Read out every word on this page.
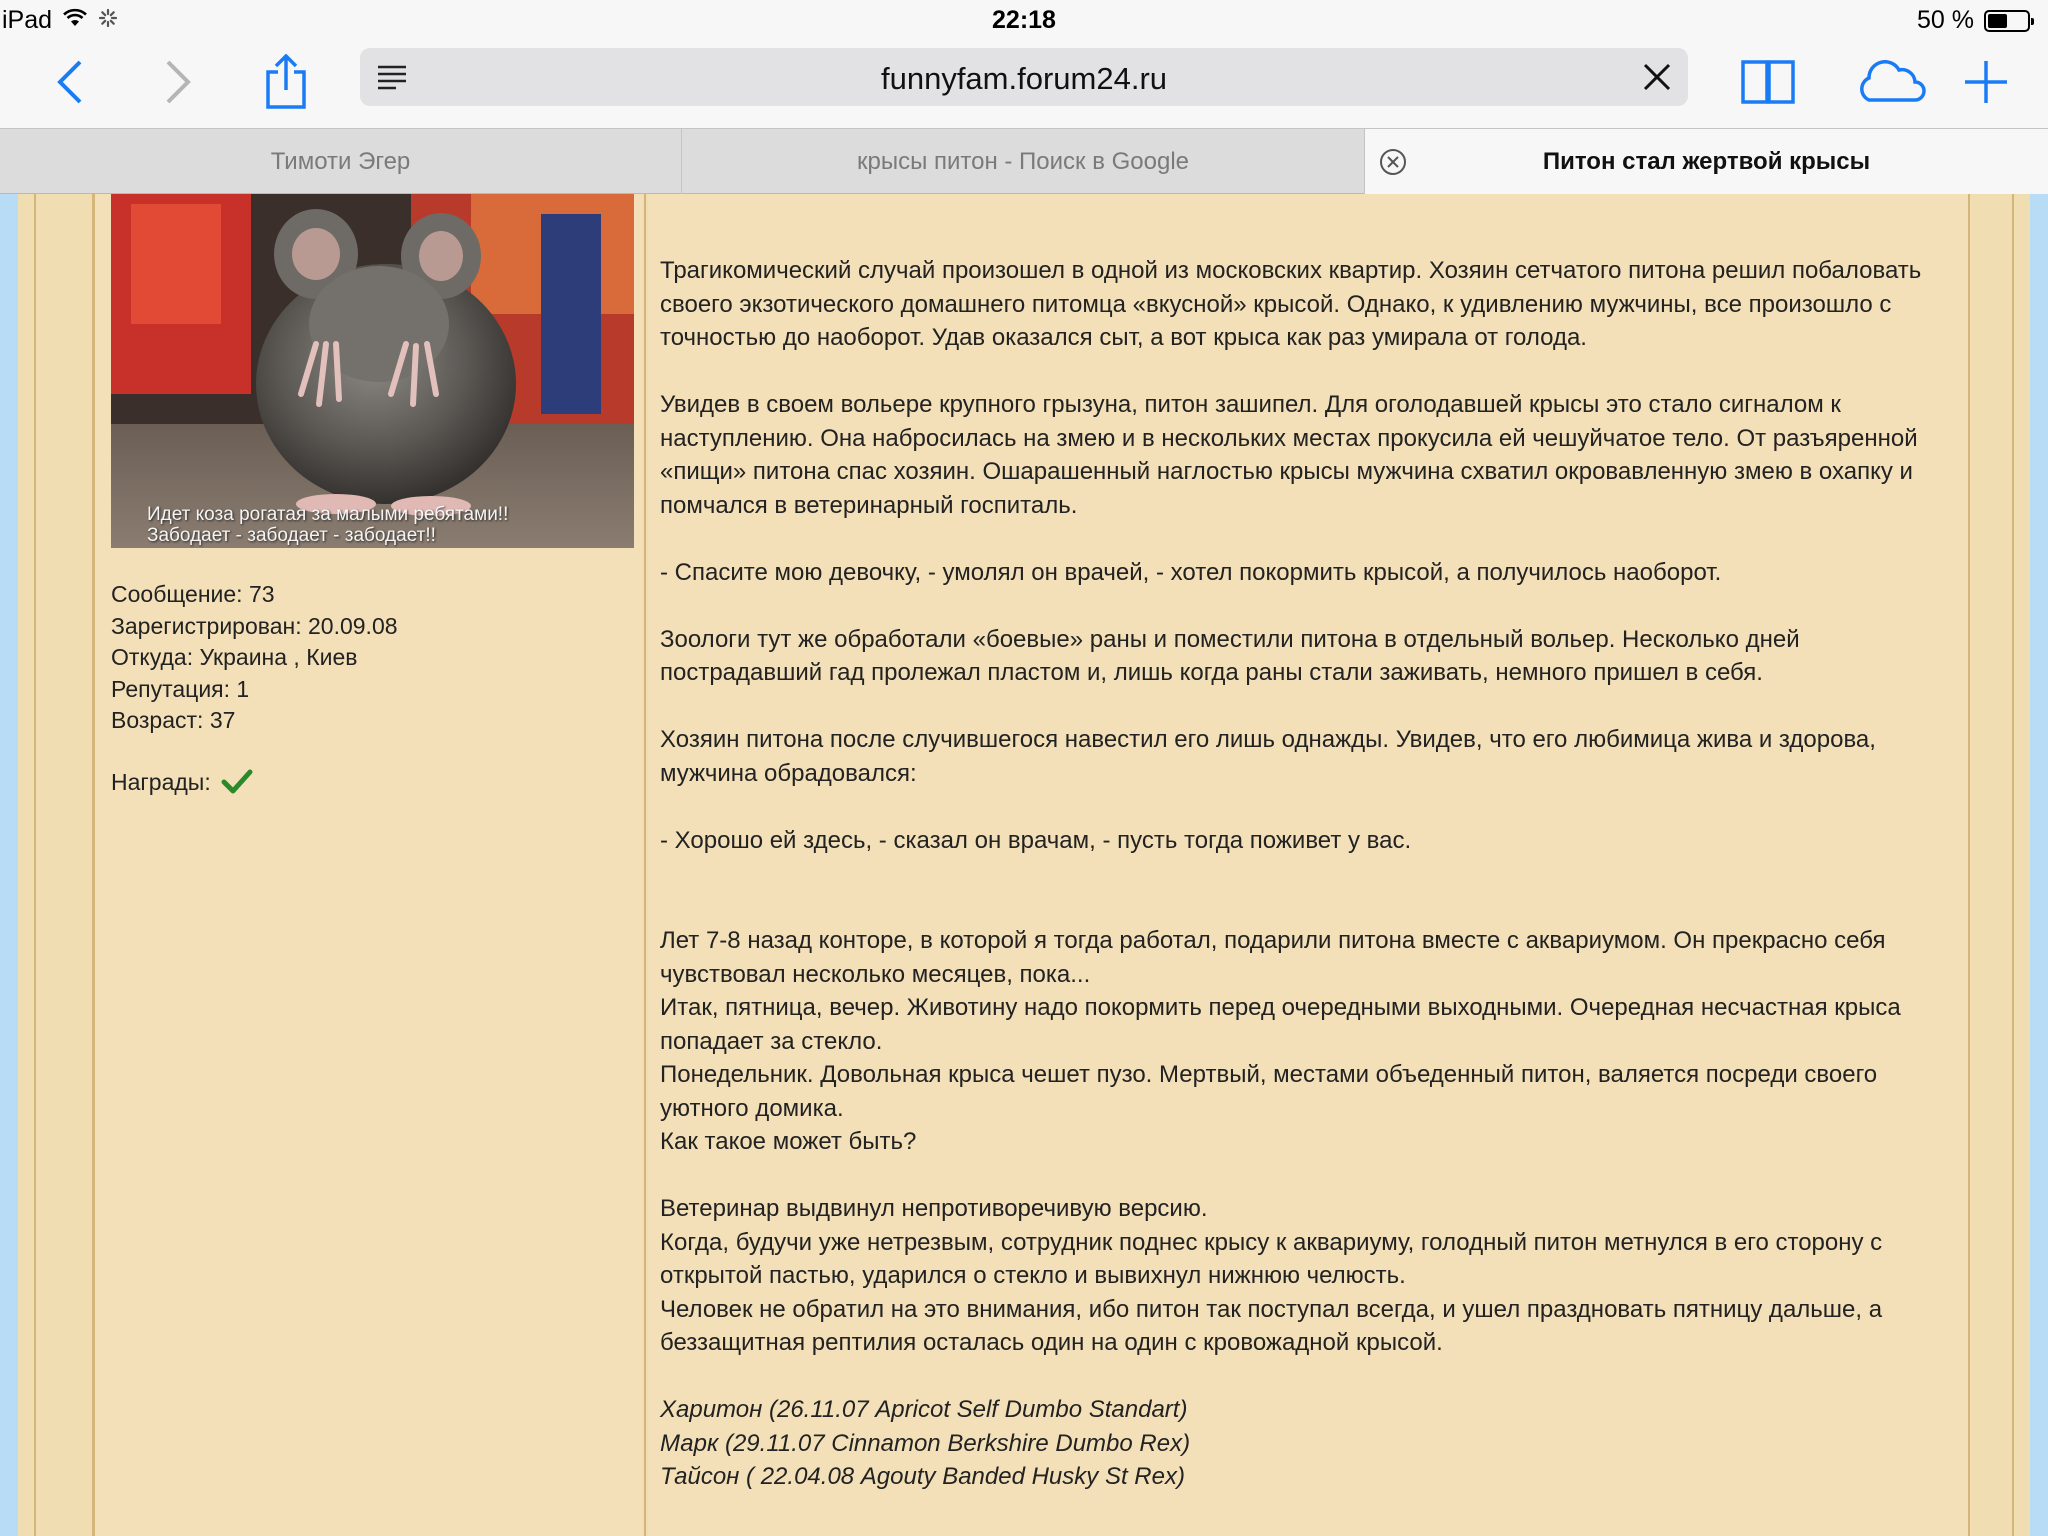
iPad	22:18	50 %
funnyfam.forum24.ru
Тимоти Эгер	крысы питон - Поиск в Google	Питон стал жертвой крысы
Идет коза рогатая за малыми ребятами!!
Забодает - забодает - забодает!!
Сообщение: 73
Зарегистрирован: 20.09.08
Откуда: Украина , Киев
Репутация: 1
Возраст: 37
Награды:

Трагикомический случай произошел в одной из московских квартир. Хозяин сетчатого питона решил побаловать своего экзотического домашнего питомца «вкусной» крысой. Однако, к удивлению мужчины, все произошло с точностью до наоборот. Удав оказался сыт, а вот крыса как раз умирала от голода.

Увидев в своем вольере крупного грызуна, питон зашипел. Для оголодавшей крысы это стало сигналом к наступлению. Она набросилась на змею и в нескольких местах прокусила ей чешуйчатое тело. От разъяренной «пищи» питона спас хозяин. Ошарашенный наглостью крысы мужчина схватил окровавленную змею в охапку и помчался в ветеринарный госпиталь.

- Спасите мою девочку, - умолял он врачей, - хотел покормить крысой, а получилось наоборот.

Зоологи тут же обработали «боевые» раны и поместили питона в отдельный вольер. Несколько дней пострадавший гад пролежал пластом и, лишь когда раны стали заживать, немного пришел в себя.

Хозяин питона после случившегося навестил его лишь однажды. Увидев, что его любимица жива и здорова, мужчина обрадовался:

- Хорошо ей здесь, - сказал он врачам, - пусть тогда поживет у вас.

Лет 7-8 назад конторе, в которой я тогда работал, подарили питона вместе с аквариумом. Он прекрасно себя чувствовал несколько месяцев, пока...
Итак, пятница, вечер. Животину надо покормить перед очередными выходными. Очередная несчастная крыса попадает за стекло.
Понедельник. Довольная крыса чешет пузо. Мертвый, местами объеденный питон, валяется посреди своего уютного домика.

Как такое может быть?

Ветеринар выдвинул непротиворечивую версию.
Когда, будучи уже нетрезвым, сотрудник поднес крысу к аквариуму, голодный питон метнулся в его сторону с открытой пастью, ударился о стекло и вывихнул нижнюю челюсть.

Человек не обратил на это внимания, ибо питон так поступал всегда, и ушел праздновать пятницу дальше, а беззащитная рептилия осталась один на один с кровожадной крысой.

Харитон (26.11.07 Apricot Self Dumbo Standart)
Марк (29.11.07 Cinnamon Berkshire Dumbo Rex)
Тайсон ( 22.04.08 Agouty Banded Husky St Rex)
